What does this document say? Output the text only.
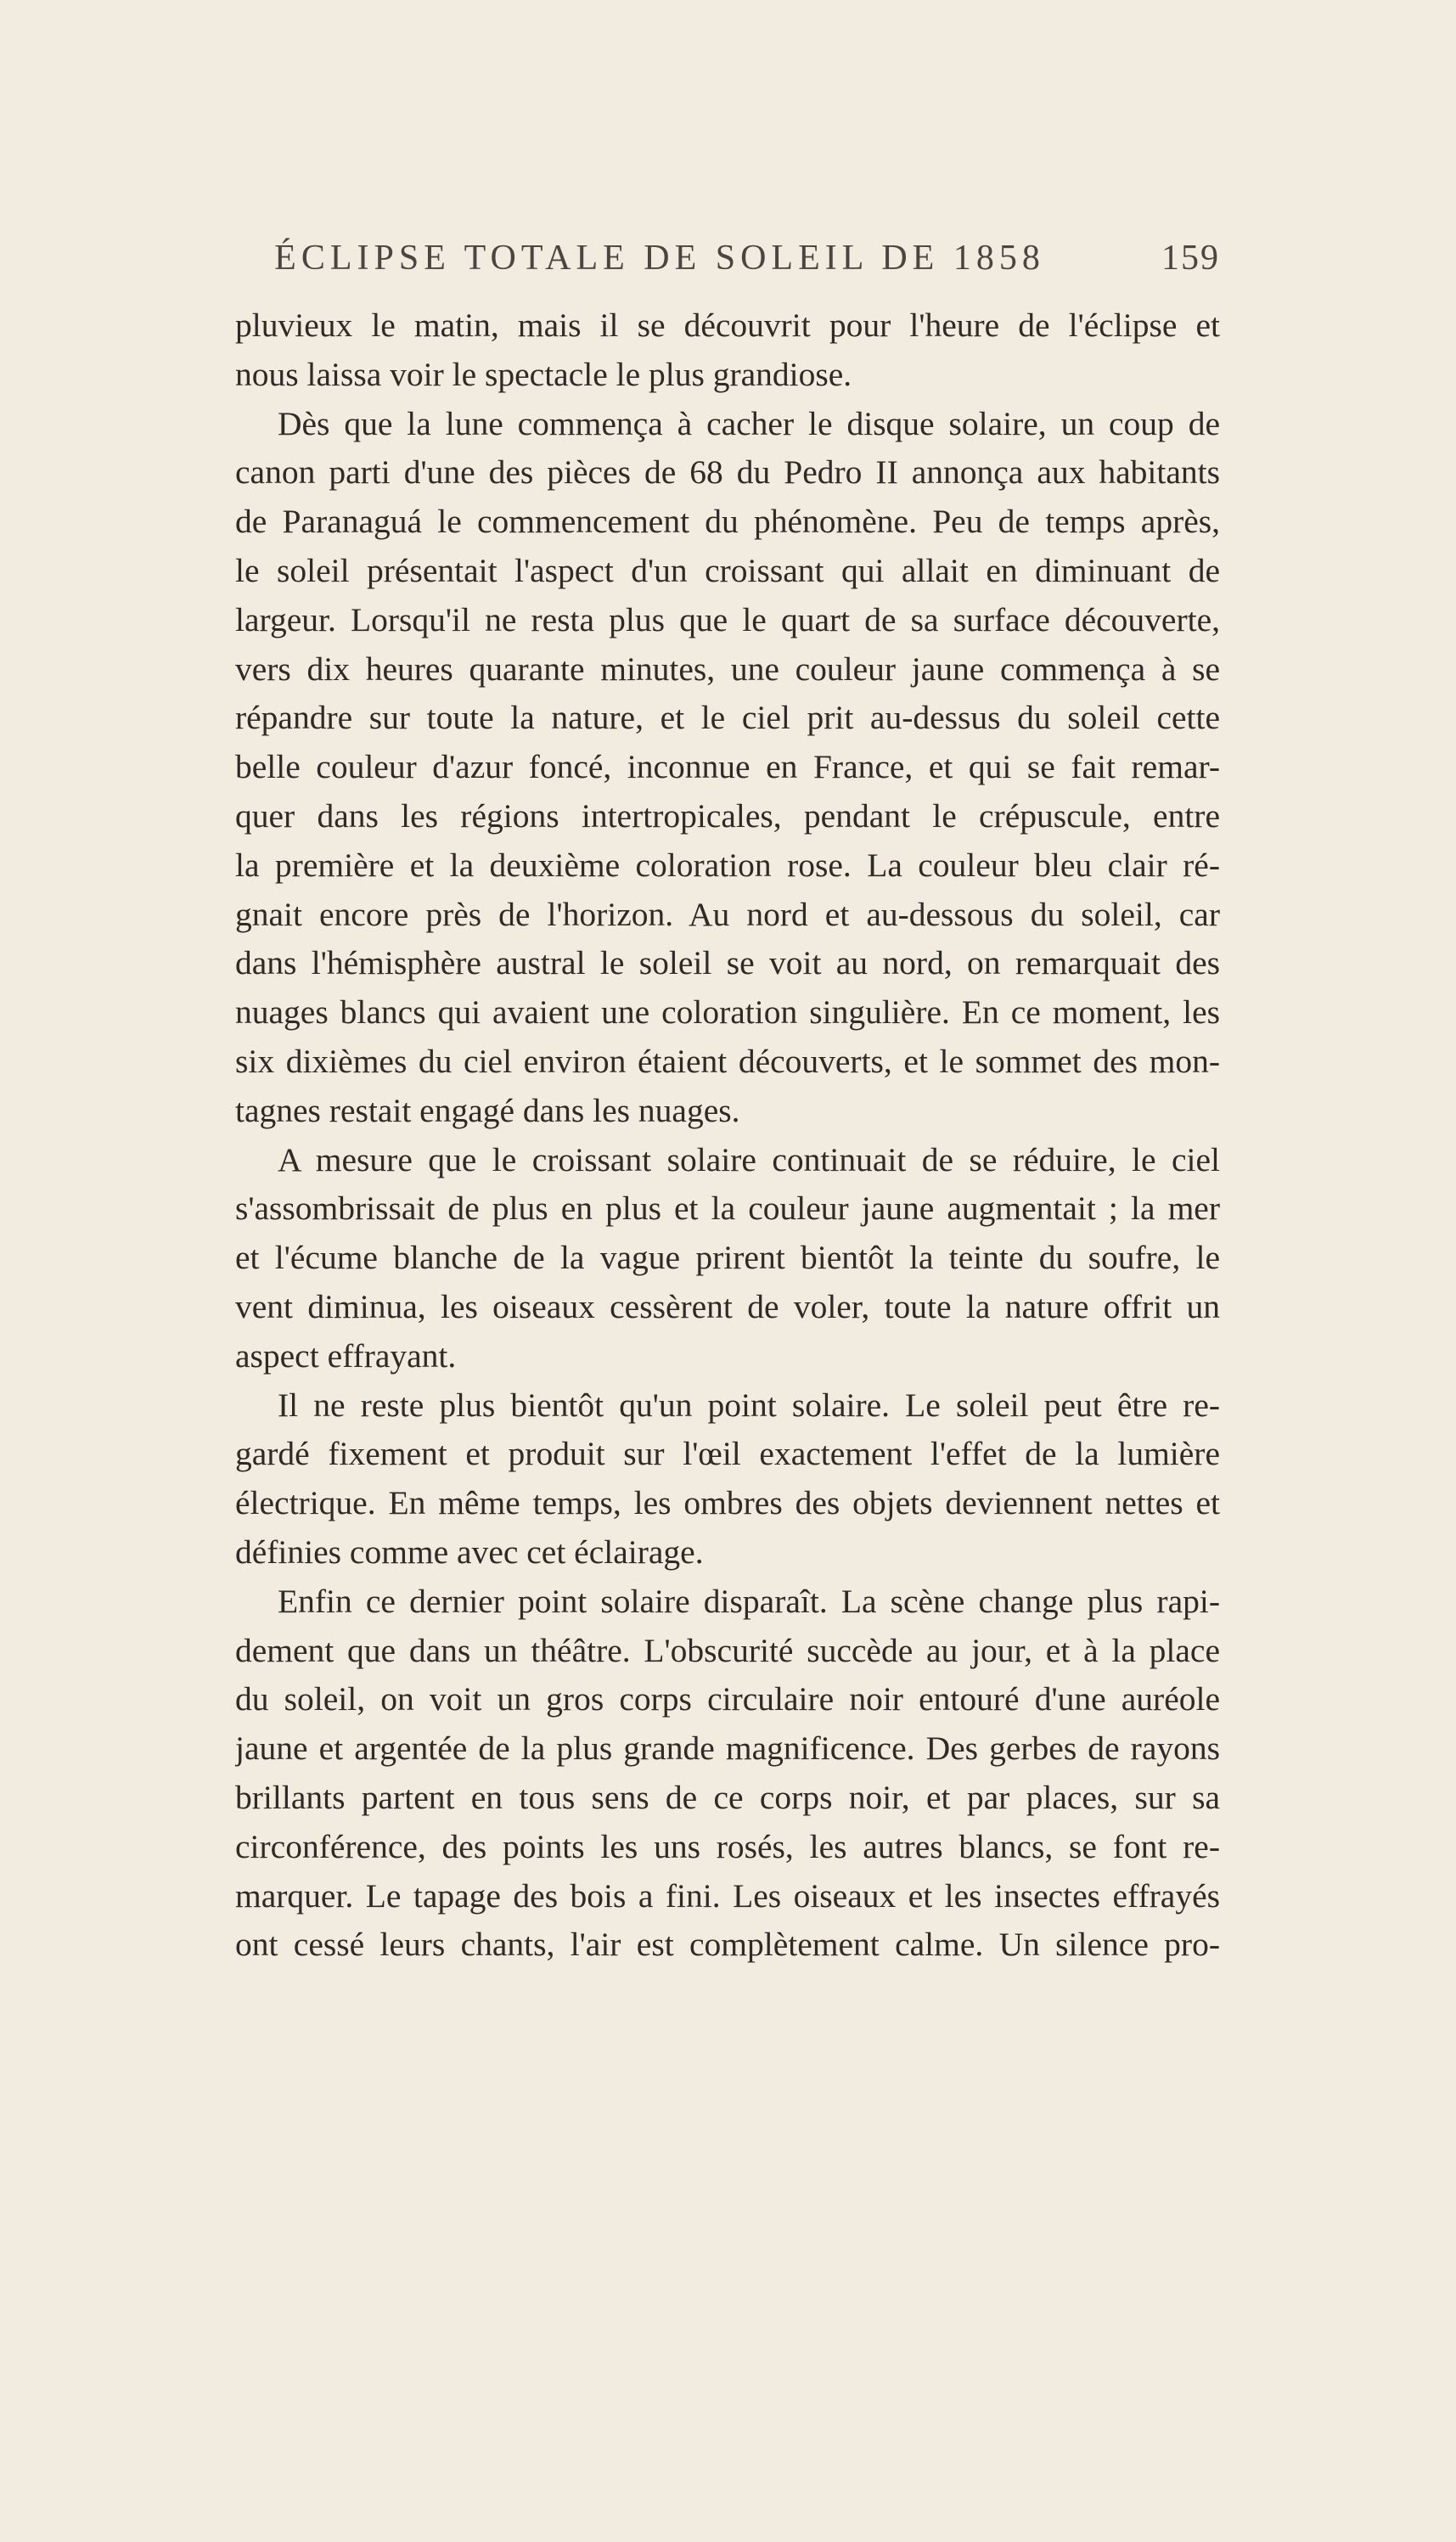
ÉCLIPSE TOTALE DE SOLEIL DE 1858	159
pluvieux le matin, mais il se découvrit pour l'heure de l'éclipse et
nous laissa voir le spectacle le plus grandiose.
Dès que la lune commença à cacher le disque solaire, un coup de
canon parti d'une des pièces de 68 du Pedro II annonça aux habitants
de Paranaguá le commencement du phénomène. Peu de temps après,
le soleil présentait l'aspect d'un croissant qui allait en diminuant de
largeur. Lorsqu'il ne resta plus que le quart de sa surface découverte,
vers dix heures quarante minutes, une couleur jaune commença à se
répandre sur toute la nature, et le ciel prit au-dessus du soleil cette
belle couleur d'azur foncé, inconnue en France, et qui se fait remar-
quer dans les régions intertropicales, pendant le crépuscule, entre
la première et la deuxième coloration rose. La couleur bleu clair ré-
gnait encore près de l'horizon. Au nord et au-dessous du soleil, car
dans l'hémisphère austral le soleil se voit au nord, on remarquait des
nuages blancs qui avaient une coloration singulière. En ce moment, les
six dixièmes du ciel environ étaient découverts, et le sommet des mon-
tagnes restait engagé dans les nuages.
A mesure que le croissant solaire continuait de se réduire, le ciel
s'assombrissait de plus en plus et la couleur jaune augmentait ; la mer
et l'écume blanche de la vague prirent bientôt la teinte du soufre, le
vent diminua, les oiseaux cessèrent de voler, toute la nature offrit un
aspect effrayant.
Il ne reste plus bientôt qu'un point solaire. Le soleil peut être re-
gardé fixement et produit sur l'œil exactement l'effet de la lumière
électrique. En même temps, les ombres des objets deviennent nettes et
définies comme avec cet éclairage.
Enfin ce dernier point solaire disparaît. La scène change plus rapi-
dement que dans un théâtre. L'obscurité succède au jour, et à la place
du soleil, on voit un gros corps circulaire noir entouré d'une auréole
jaune et argentée de la plus grande magnificence. Des gerbes de rayons
brillants partent en tous sens de ce corps noir, et par places, sur sa
circonférence, des points les uns rosés, les autres blancs, se font re-
marquer. Le tapage des bois a fini. Les oiseaux et les insectes effrayés
ont cessé leurs chants, l'air est complètement calme. Un silence pro-
